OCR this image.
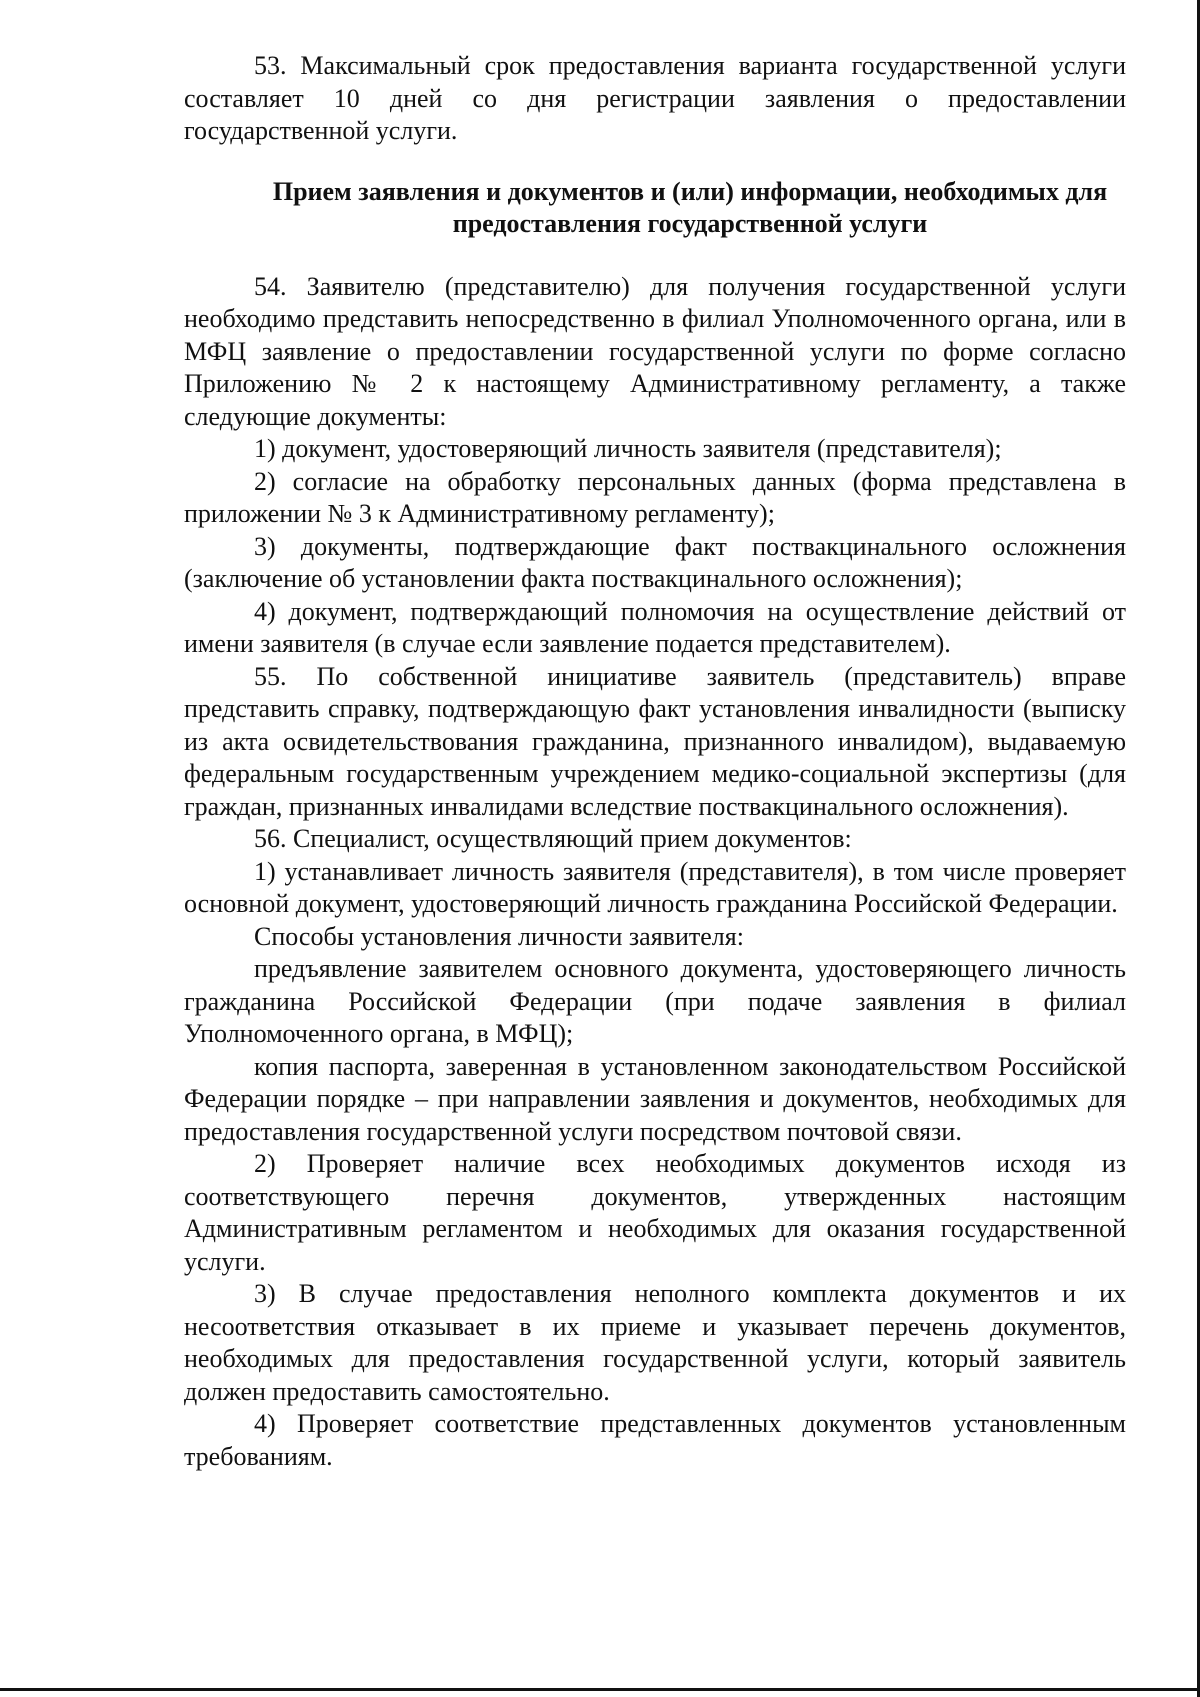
53. Максимальный срок предоставления варианта государственной услуги составляет 10 дней со дня регистрации заявления о предоставлении государственной услуги.

Прием заявления и документов и (или) информации, необходимых для предоставления государственной услуги

54. Заявителю (представителю) для получения государственной услуги необходимо представить непосредственно в филиал Уполномоченного органа, или в МФЦ заявление о предоставлении государственной услуги по форме согласно Приложению № 2 к настоящему Административному регламенту, а также следующие документы:

1) документ, удостоверяющий личность заявителя (представителя);

2) согласие на обработку персональных данных (форма представлена в приложении № 3 к Административному регламенту);

3) документы, подтверждающие факт поствакцинального осложнения (заключение об установлении факта поствакцинального осложнения);

4) документ, подтверждающий полномочия на осуществление действий от имени заявителя (в случае если заявление подается представителем).

55. По собственной инициативе заявитель (представитель) вправе представить справку, подтверждающую факт установления инвалидности (выписку из акта освидетельствования гражданина, признанного инвалидом), выдаваемую федеральным государственным учреждением медико-социальной экспертизы (для граждан, признанных инвалидами вследствие поствакцинального осложнения).

56. Специалист, осуществляющий прием документов:

1) устанавливает личность заявителя (представителя), в том числе проверяет основной документ, удостоверяющий личность гражданина Российской Федерации.

Способы установления личности заявителя:

предъявление заявителем основного документа, удостоверяющего личность гражданина Российской Федерации (при подаче заявления в филиал Уполномоченного органа, в МФЦ);

копия паспорта, заверенная в установленном законодательством Российской Федерации порядке – при направлении заявления и документов, необходимых для предоставления государственной услуги посредством почтовой связи.

2) Проверяет наличие всех необходимых документов исходя из соответствующего перечня документов, утвержденных настоящим Административным регламентом и необходимых для оказания государственной услуги.

3) В случае предоставления неполного комплекта документов и их несоответствия отказывает в их приеме и указывает перечень документов, необходимых для предоставления государственной услуги, который заявитель должен предоставить самостоятельно.

4) Проверяет соответствие представленных документов установленным требованиям.
